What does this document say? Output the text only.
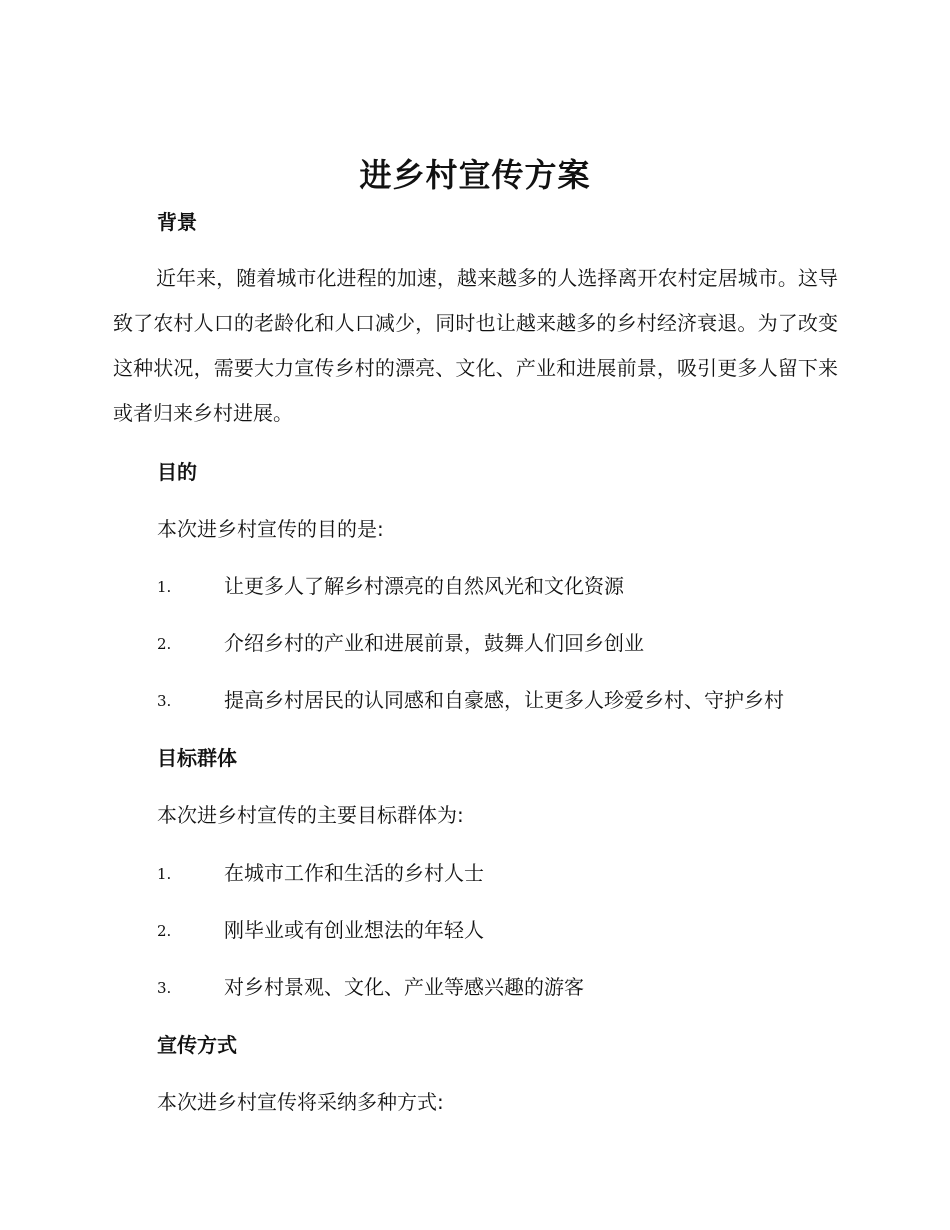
进乡村宣传方案
背景

近年来，随着城市化进程的加速，越来越多的人选择离开农村定居城市。这导致了农村人口的老龄化和人口减少，同时也让越来越多的乡村经济衰退。为了改变这种状况，需要大力宣传乡村的漂亮、文化、产业和进展前景，吸引更多人留下来或者归来乡村进展。

目的
本次进乡村宣传的目的是:
1.	让更多人了解乡村漂亮的自然风光和文化资源
2.	介绍乡村的产业和进展前景，鼓舞人们回乡创业
3.	提高乡村居民的认同感和自豪感，让更多人珍爱乡村、守护乡村
目标群体
本次进乡村宣传的主要目标群体为:
1.	在城市工作和生活的乡村人士
2.	刚毕业或有创业想法的年轻人
3.	对乡村景观、文化、产业等感兴趣的游客
宣传方式
本次进乡村宣传将采纳多种方式:
